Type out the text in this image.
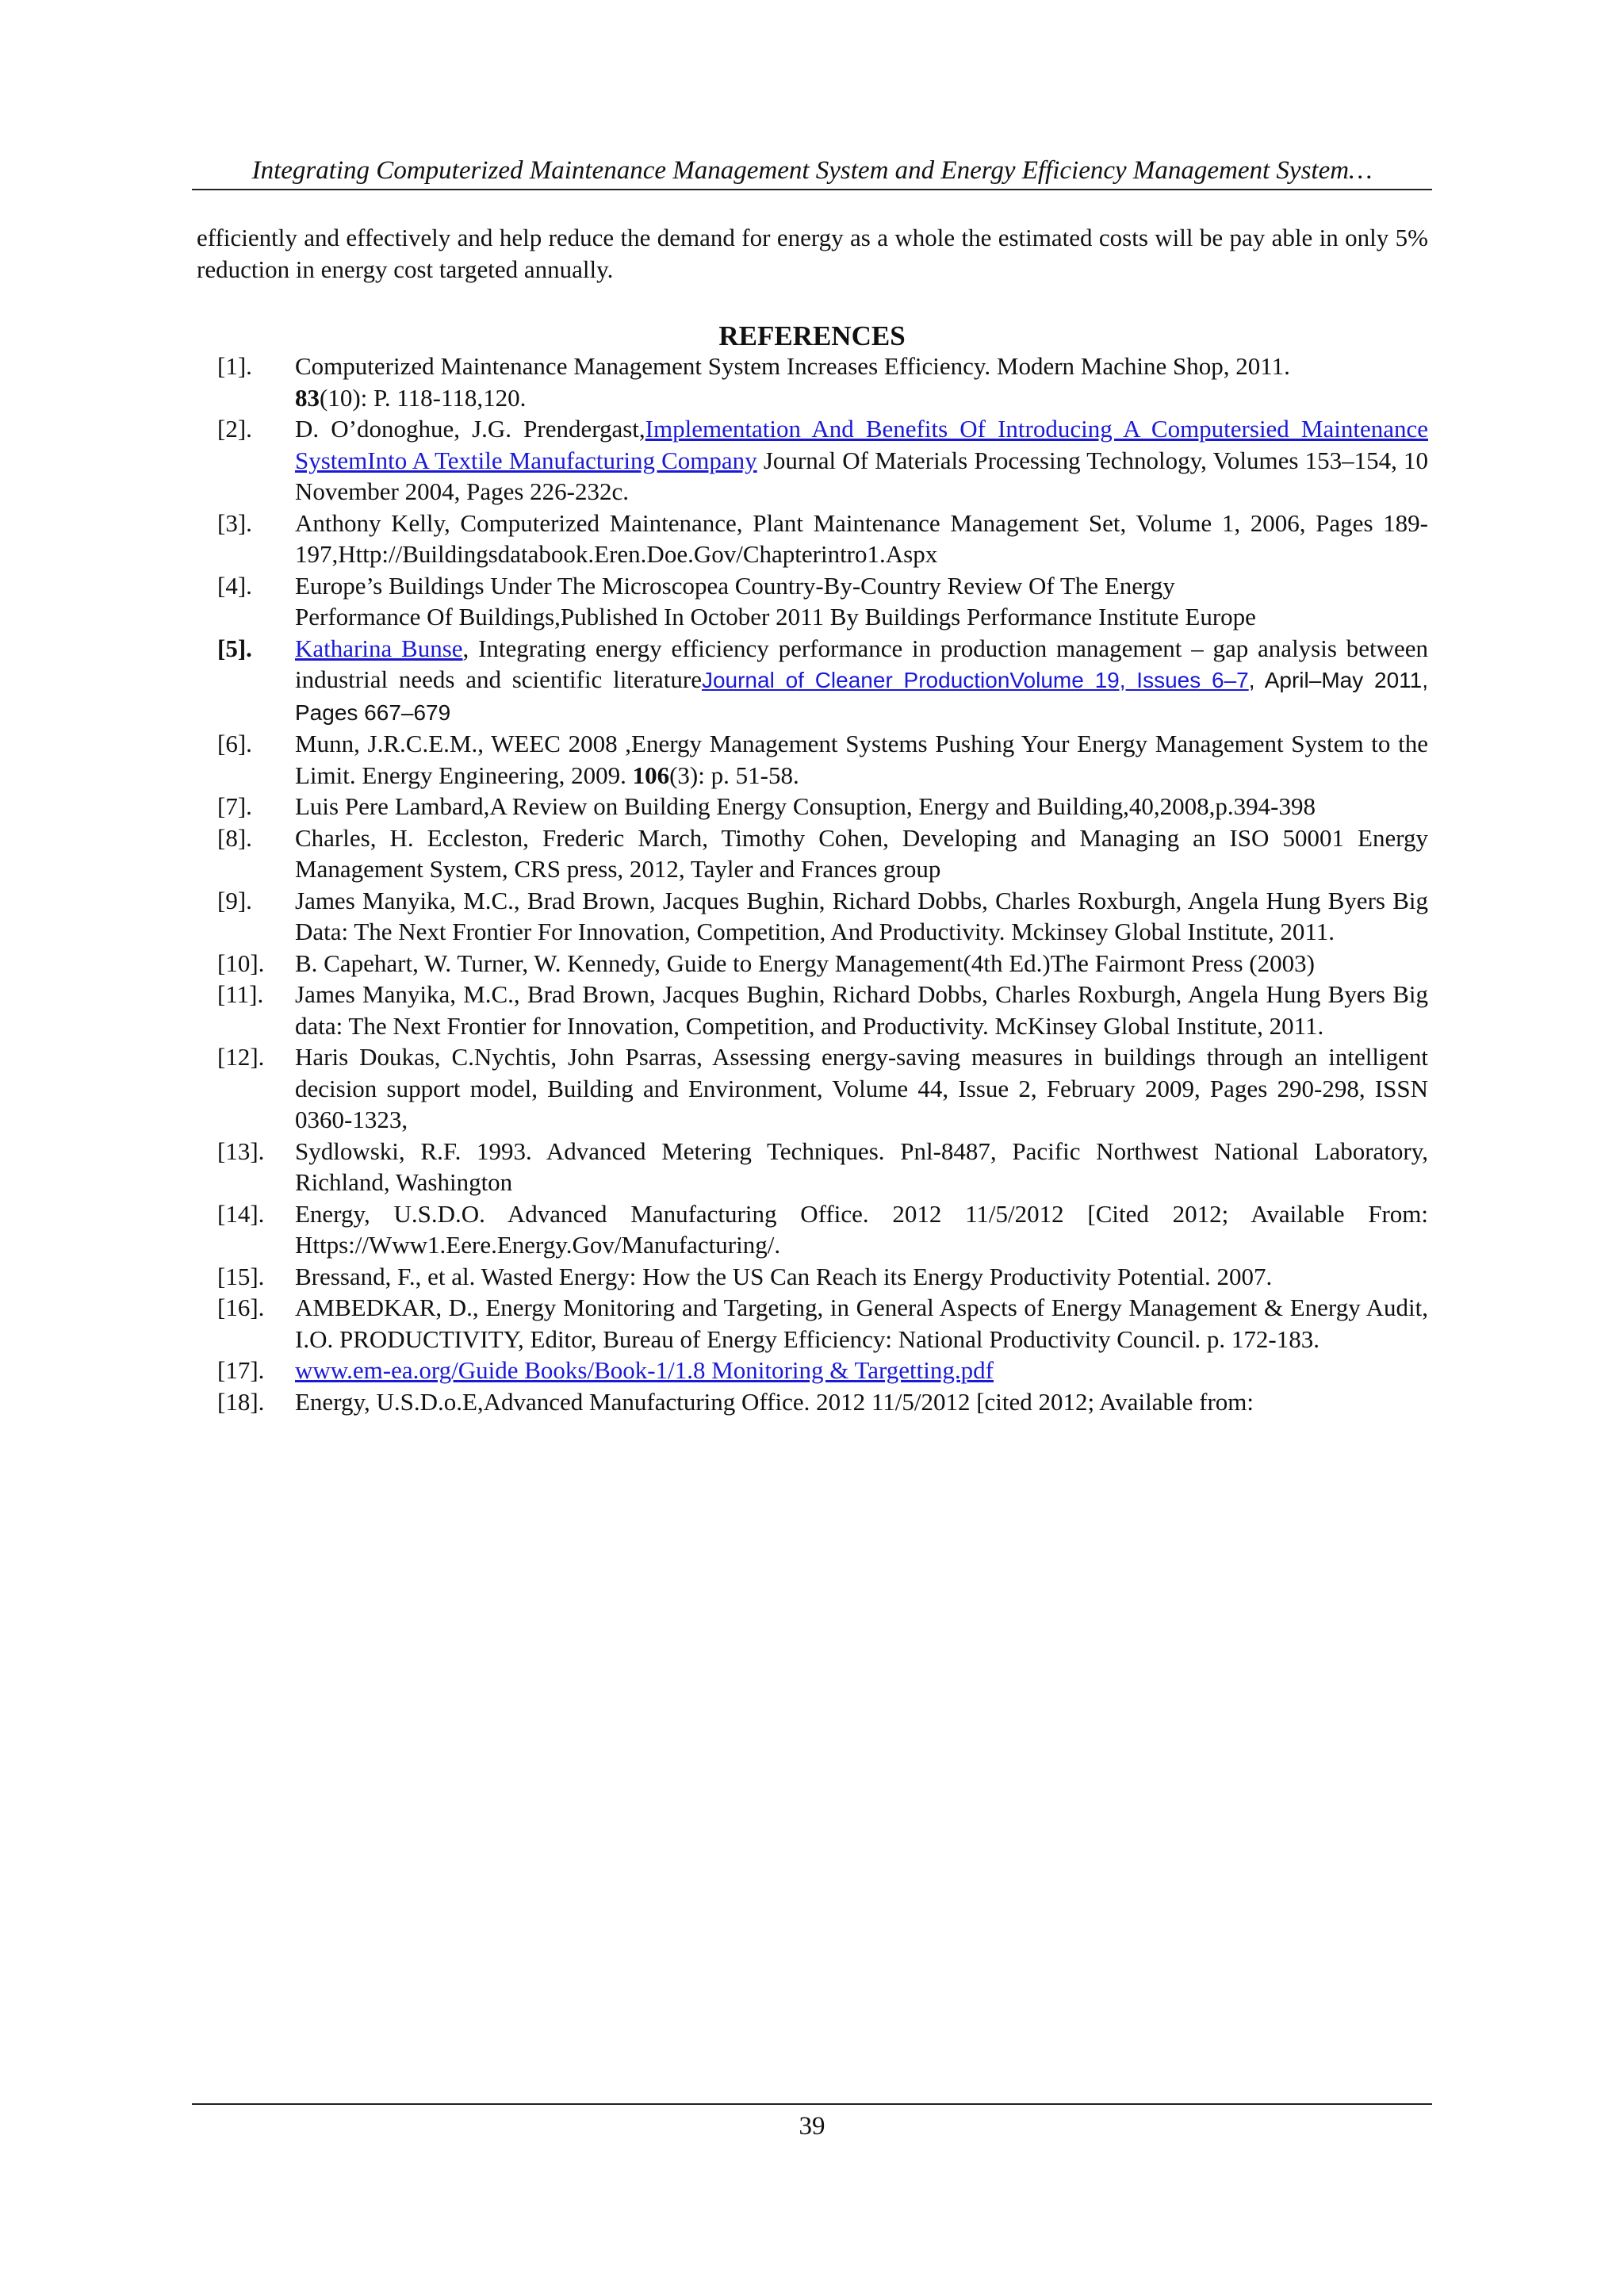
Integrating Computerized Maintenance Management System and Energy Efficiency Management System…
efficiently and effectively and help reduce the demand for energy as a whole the estimated costs will be pay able in only 5% reduction in energy cost targeted annually.
REFERENCES
[1].	Computerized Maintenance Management System Increases Efficiency. Modern Machine Shop, 2011.
83(10): P. 118-118,120.
[2].	D. O’donoghue, J.G. Prendergast,Implementation And Benefits Of Introducing A Computersied Maintenance SystemInto A Textile Manufacturing Company Journal Of Materials Processing Technology, Volumes 153–154, 10 November 2004, Pages 226-232c.
[3].	Anthony Kelly, Computerized Maintenance, Plant Maintenance Management Set, Volume 1, 2006, Pages 189-197,Http://Buildingsdatabook.Eren.Doe.Gov/Chapterintro1.Aspx
[4].	Europe’s Buildings Under The Microscopea Country-By-Country Review Of The Energy
Performance Of Buildings,Published In October 2011 By Buildings Performance Institute Europe
[5].	Katharina Bunse, Integrating energy efficiency performance in production management – gap analysis between industrial needs and scientific literatureJournal of Cleaner ProductionVolume 19, Issues 6–7, April–May 2011, Pages 667–679
[6].	Munn, J.R.C.E.M., WEEC 2008 ,Energy Management Systems Pushing Your Energy Management System to the Limit. Energy Engineering, 2009. 106(3): p. 51-58.
[7].	Luis Pere Lambard,A Review on Building Energy Consuption, Energy and Building,40,2008,p.394-398
[8].	Charles, H. Eccleston, Frederic March, Timothy Cohen, Developing and Managing an ISO 50001 Energy Management System, CRS press, 2012, Tayler and Frances group
[9].	James Manyika, M.C., Brad Brown, Jacques Bughin, Richard Dobbs, Charles Roxburgh, Angela Hung Byers Big Data: The Next Frontier For Innovation, Competition, And Productivity. Mckinsey Global Institute, 2011.
[10].	B. Capehart, W. Turner, W. Kennedy, Guide to Energy Management(4th Ed.)The Fairmont Press (2003)
[11].	James Manyika, M.C., Brad Brown, Jacques Bughin, Richard Dobbs, Charles Roxburgh, Angela Hung Byers Big data: The Next Frontier for Innovation, Competition, and Productivity. McKinsey Global Institute, 2011.
[12].	Haris Doukas, C.Nychtis, John Psarras, Assessing energy-saving measures in buildings through an intelligent decision support model, Building and Environment, Volume 44, Issue 2, February 2009, Pages 290-298, ISSN 0360-1323,
[13].	Sydlowski, R.F. 1993. Advanced Metering Techniques. Pnl-8487, Pacific Northwest National Laboratory, Richland, Washington
[14].	Energy, U.S.D.O. Advanced Manufacturing Office. 2012 11/5/2012 [Cited 2012; Available From: Https://Www1.Eere.Energy.Gov/Manufacturing/.
[15].	Bressand, F., et al. Wasted Energy: How the US Can Reach its Energy Productivity Potential. 2007.
[16].	AMBEDKAR, D., Energy Monitoring and Targeting, in General Aspects of Energy Management & Energy Audit, I.O. PRODUCTIVITY, Editor, Bureau of Energy Efficiency: National Productivity Council. p. 172-183.
[17].	www.em-ea.org/Guide Books/Book-1/1.8 Monitoring & Targetting.pdf
[18].	Energy, U.S.D.o.E,Advanced Manufacturing Office. 2012 11/5/2012 [cited 2012; Available from:
39
